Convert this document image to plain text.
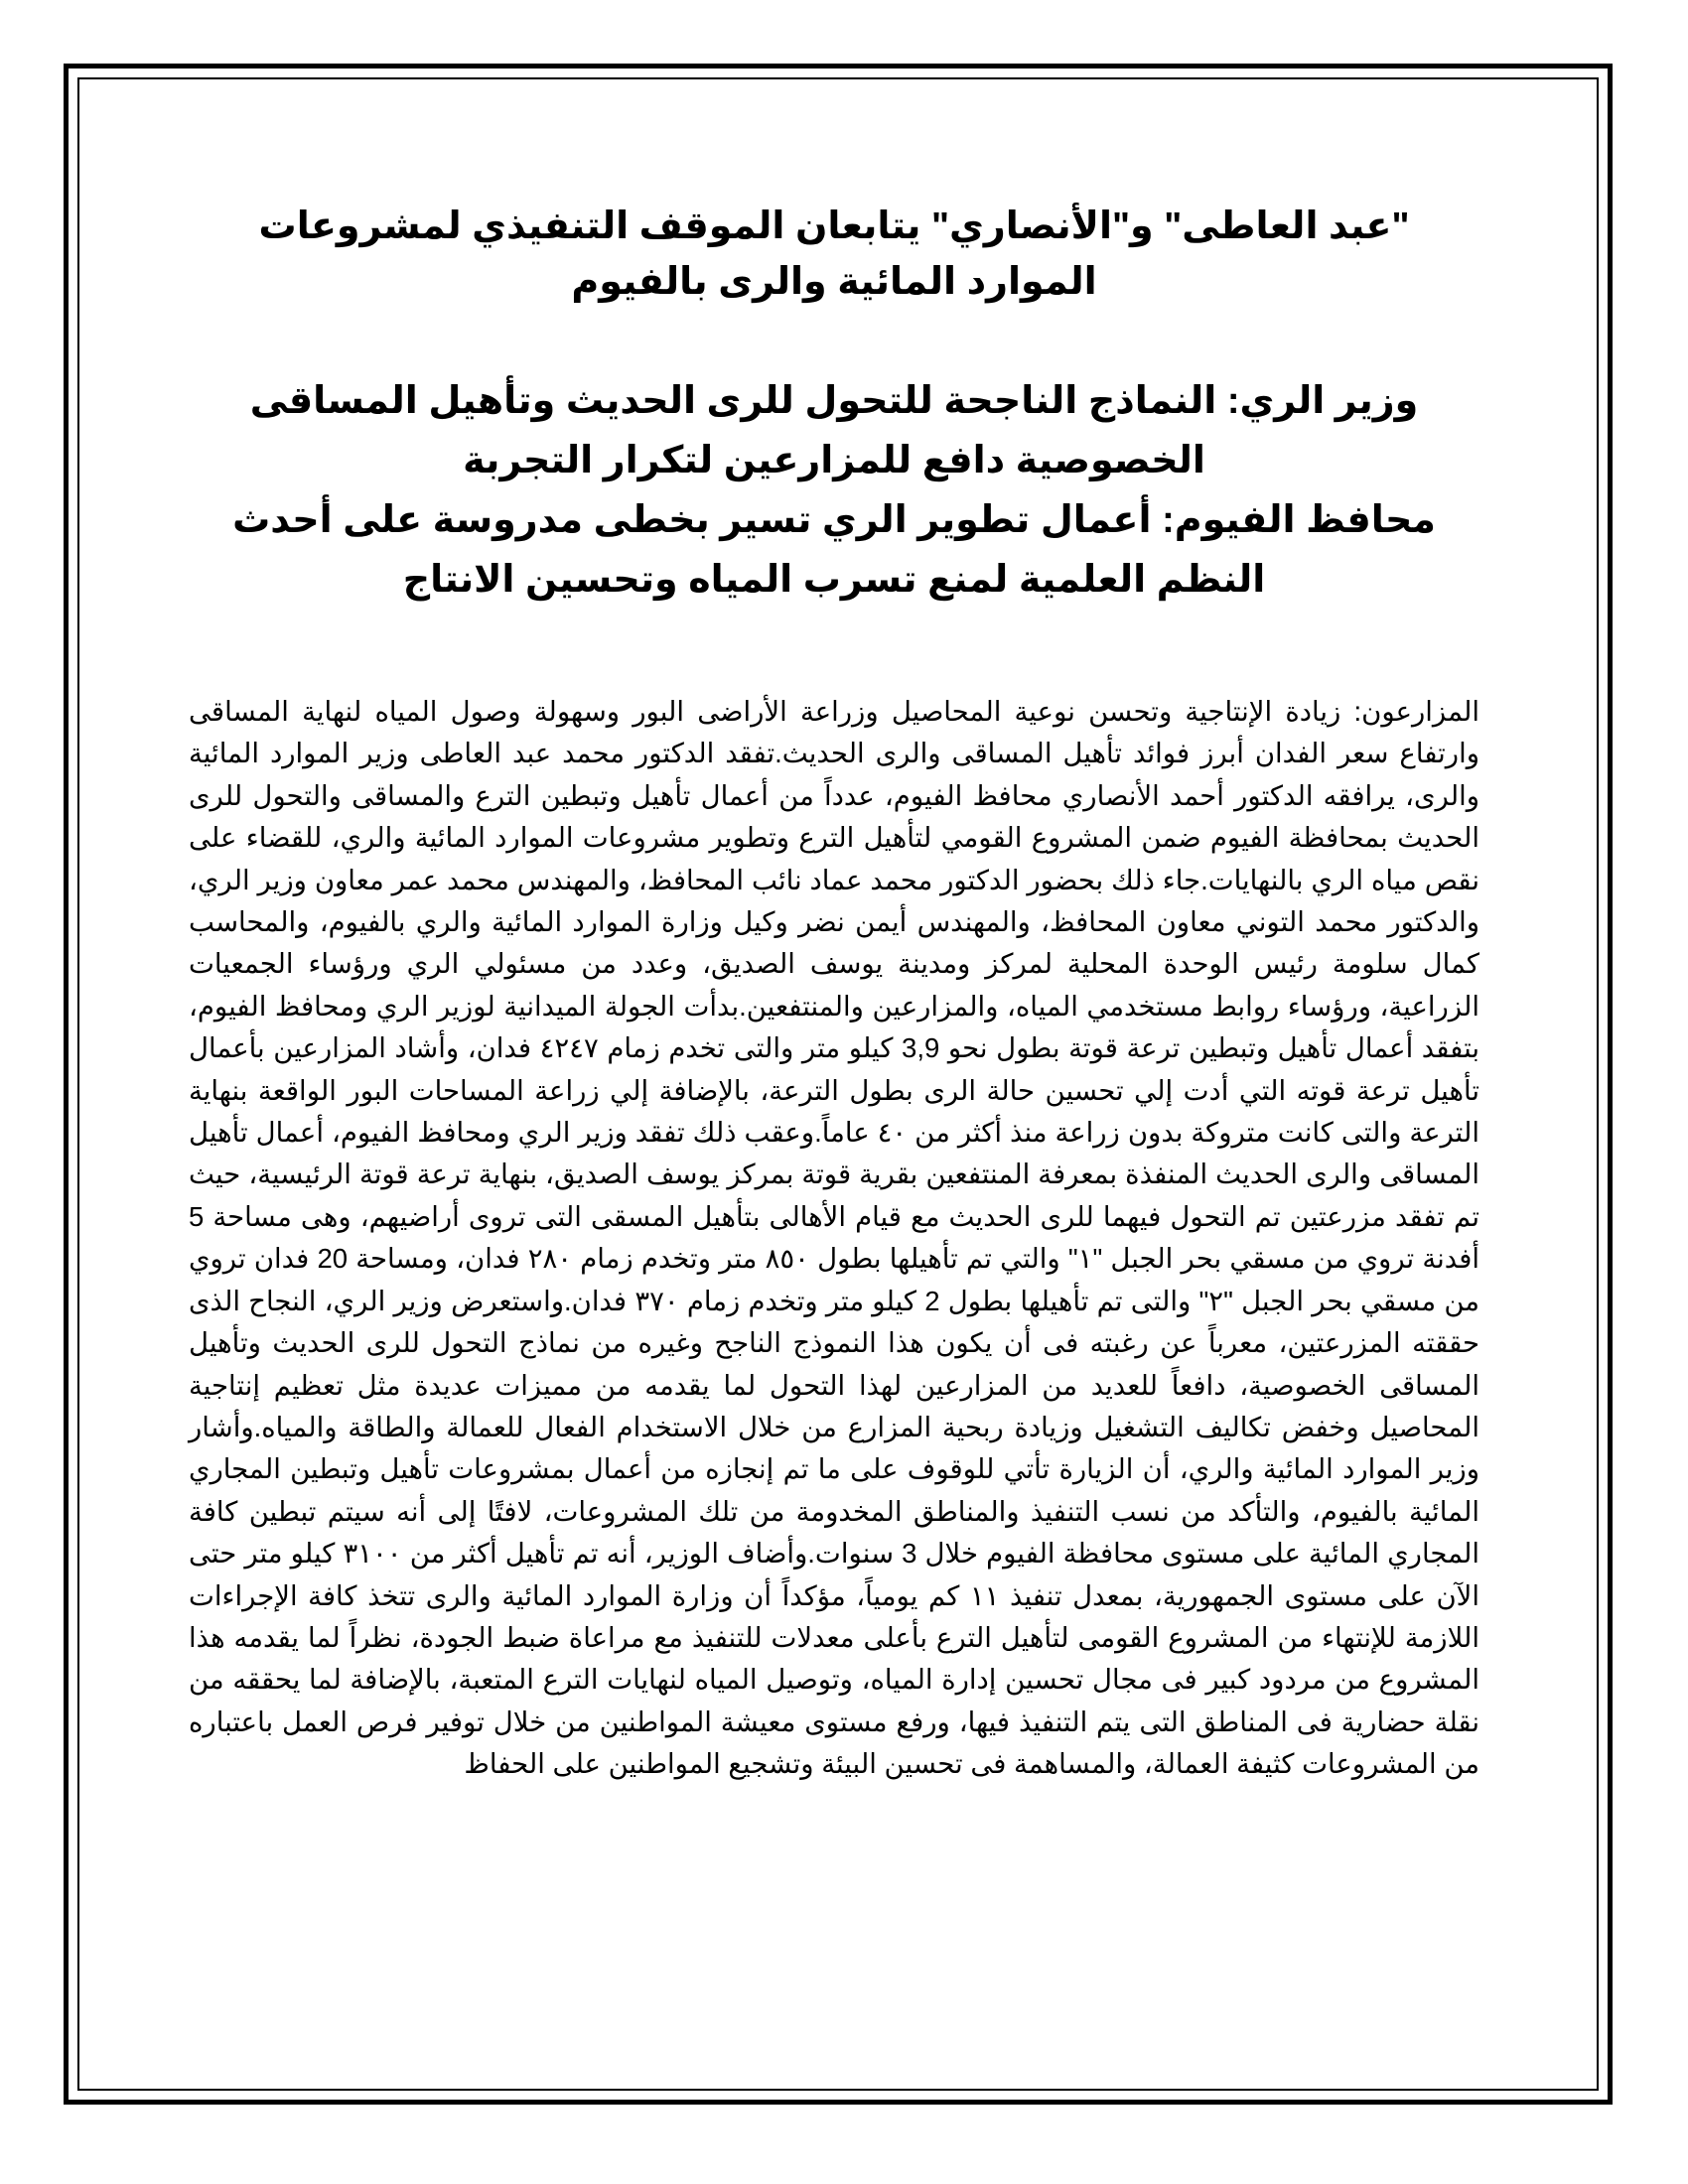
"عبد العاطى" و"الأنصاري" يتابعان الموقف التنفيذي لمشروعات الموارد المائية والرى بالفيوم
وزير الري: النماذج الناجحة للتحول للرى الحديث وتأهيل المساقى الخصوصية دافع للمزارعين لتكرار التجربة
محافظ الفيوم: أعمال تطوير الري تسير بخطى مدروسة على أحدث النظم العلمية لمنع تسرب المياه وتحسين الانتاج

المزارعون: زيادة الإنتاجية وتحسن نوعية المحاصيل وزراعة الأراضى البور وسهولة وصول المياه لنهاية المساقى وارتفاع سعر الفدان أبرز فوائد تأهيل المساقى والرى الحديث.تفقد الدكتور محمد عبد العاطى وزير الموارد المائية والرى، يرافقه الدكتور أحمد الأنصاري محافظ الفيوم، عدداً من أعمال تأهيل وتبطين الترع والمساقى والتحول للرى الحديث بمحافظة الفيوم ضمن المشروع القومي لتأهيل الترع وتطوير مشروعات الموارد المائية والري، للقضاء على نقص مياه الري بالنهايات.جاء ذلك بحضور الدكتور محمد عماد نائب المحافظ، والمهندس محمد عمر معاون وزير الري، والدكتور محمد التوني معاون المحافظ، والمهندس أيمن نضر وكيل وزارة الموارد المائية والري بالفيوم، والمحاسب كمال سلومة رئيس الوحدة المحلية لمركز ومدينة يوسف الصديق، وعدد من مسئولي الري ورؤساء الجمعيات الزراعية، ورؤساء روابط مستخدمي المياه، والمزارعين والمنتفعين.بدأت الجولة الميدانية لوزير الري ومحافظ الفيوم، بتفقد أعمال تأهيل وتبطين ترعة قوتة بطول نحو 3,9 كيلو متر والتى تخدم زمام ٤٢٤٧ فدان، وأشاد المزارعين بأعمال تأهيل ترعة قوته التي أدت إلي تحسين حالة الرى بطول الترعة، بالإضافة إلي زراعة المساحات البور الواقعة بنهاية الترعة والتى كانت متروكة بدون زراعة منذ أكثر من ٤٠ عاماً.وعقب ذلك تفقد وزير الري ومحافظ الفيوم، أعمال تأهيل المساقى والرى الحديث المنفذة بمعرفة المنتفعين بقرية قوتة بمركز يوسف الصديق، بنهاية ترعة قوتة الرئيسية، حيث تم تفقد مزرعتين تم التحول فيهما للرى الحديث مع قيام الأهالى بتأهيل المسقى التى تروى أراضيهم، وهى مساحة 5 أفدنة تروي من مسقي بحر الجبل "١" والتي تم تأهيلها بطول ٨٥٠ متر وتخدم زمام ٢٨٠ فدان، ومساحة 20 فدان تروي من مسقي بحر الجبل "٢" والتى تم تأهيلها بطول 2 كيلو متر وتخدم زمام ٣٧٠ فدان.واستعرض وزير الري، النجاح الذى حققته المزرعتين، معرباً عن رغبته فى أن يكون هذا النموذج الناجح وغيره من نماذج التحول للرى الحديث وتأهيل المساقى الخصوصية، دافعاً للعديد من المزارعين لهذا التحول لما يقدمه من مميزات عديدة مثل تعظيم إنتاجية المحاصيل وخفض تكاليف التشغيل وزيادة ربحية المزارع من خلال الاستخدام الفعال للعمالة والطاقة والمياه.وأشار وزير الموارد المائية والري، أن الزيارة تأتي للوقوف على ما تم إنجازه من أعمال بمشروعات تأهيل وتبطين المجاري المائية بالفيوم، والتأكد من نسب التنفيذ والمناطق المخدومة من تلك المشروعات، لافتًا إلى أنه سيتم تبطين كافة المجاري المائية على مستوى محافظة الفيوم خلال 3 سنوات.وأضاف الوزير، أنه تم تأهيل أكثر من ٣١٠٠ كيلو متر حتى الآن على مستوى الجمهورية، بمعدل تنفيذ ١١ كم يومياً، مؤكداً أن وزارة الموارد المائية والرى تتخذ كافة الإجراءات اللازمة للإنتهاء من المشروع القومى لتأهيل الترع بأعلى معدلات للتنفيذ مع مراعاة ضبط الجودة، نظراً لما يقدمه هذا المشروع من مردود كبير فى مجال تحسين إدارة المياه، وتوصيل المياه لنهايات الترع المتعبة، بالإضافة لما يحققه من نقلة حضارية فى المناطق التى يتم التنفيذ فيها، ورفع مستوى معيشة المواطنين من خلال توفير فرص العمل باعتباره من المشروعات كثيفة العمالة، والمساهمة فى تحسين البيئة وتشجيع المواطنين على الحفاظ
